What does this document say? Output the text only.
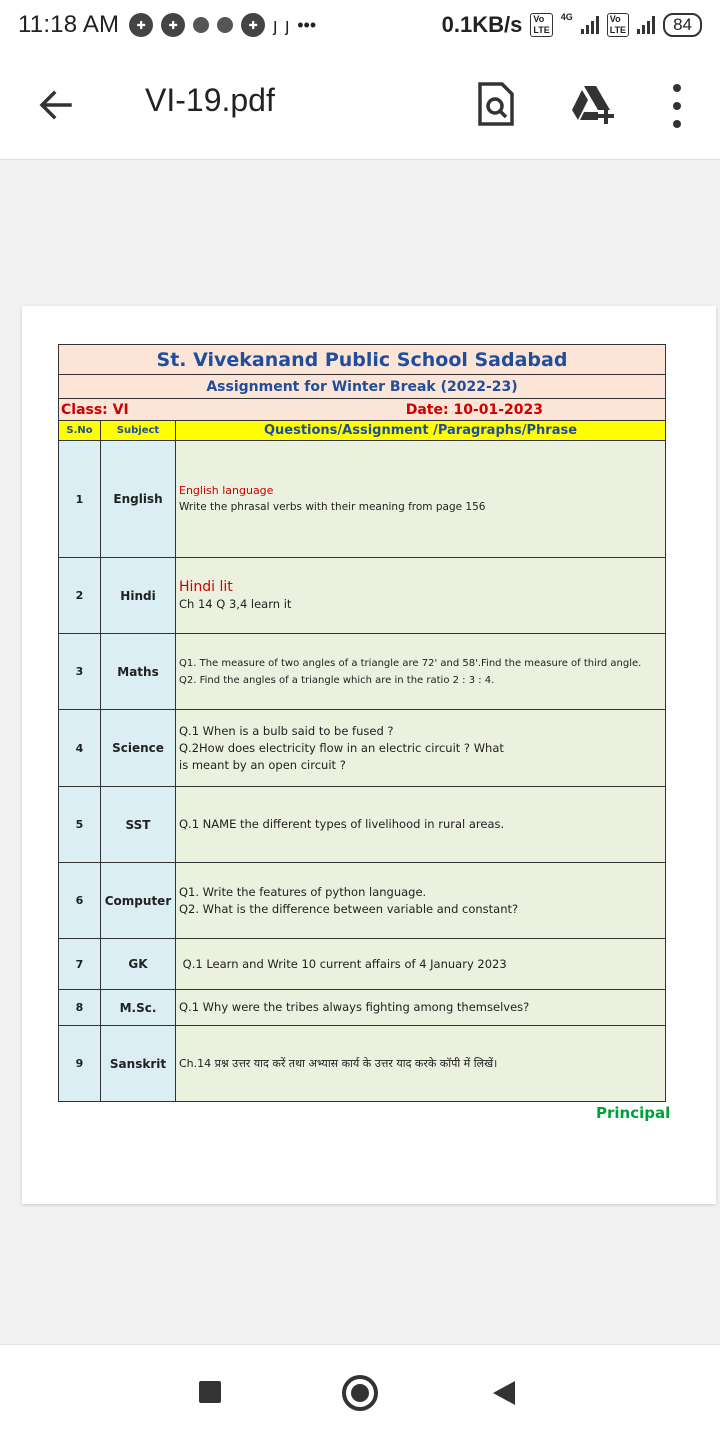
11:18 AM	✚	✚	✚ ȷ ȷ •••	0.1KB/s	Vo
LTE
4G	Vo
LTE	84
VI-19.pdf
St. Vivekanand Public School Sadabad		
Assignment for Winter Break (2022-23)		

Class: VI Date: 10-01-2023		

S.No	Subject	Questions/Assignment /Paragraphs/Phrase
1	English	English language
Write the phrasal verbs with their meaning from page 156

2	Hindi	Hindi lit
Ch 14 Q 3,4 learn it

3	Maths	Q1. The measure of two angles of a triangle are 72' and 58'.Find the measure of third angle.
Q2. Find the angles of a triangle which are in the ratio 2 : 3 : 4.

4	Science	Q.1 When is a bulb said to be fused ?
Q.2How does electricity flow in an electric circuit ? What
is meant by an open circuit ?

5	SST	Q.1 NAME the different types of livelihood in rural areas.

6	Computer	Q1. Write the features of python language.
Q2. What is the difference between variable and constant?

7	GK	Q.1 Learn and Write 10 current affairs of 4 January 2023

8	M.Sc.	Q.1 Why were the tribes always fighting among themselves?

9	Sanskrit	Ch.14 प्रश्न उत्तर याद करें तथा अभ्यास कार्य के उत्तर याद करके कॉपी में लिखें।
Principal
